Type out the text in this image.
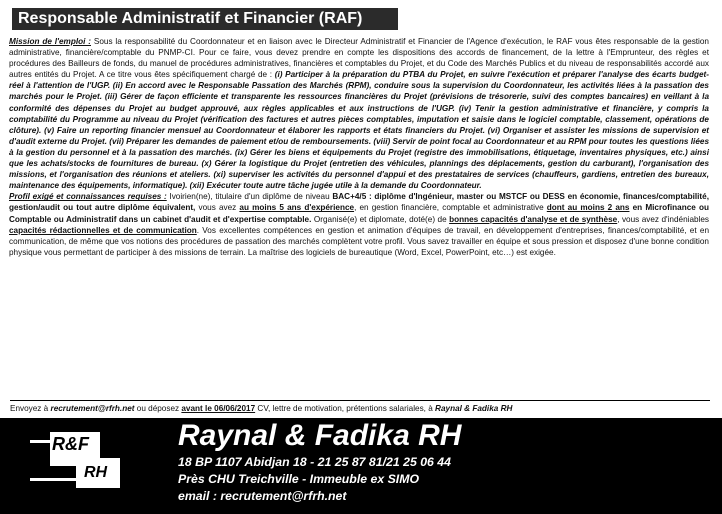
Responsable Administratif et Financier (RAF)

Mission de l'emploi : Sous la responsabilité du Coordonnateur et en liaison avec le Directeur Administratif et Financier de l'Agence d'exécution, le RAF vous êtes responsable de la gestion administrative, financière/comptable du PNMP-CI. Pour ce faire, vous devez prendre en compte les dispositions des accords de financement, de la lettre à l'Emprunteur, des règles et procédures des Bailleurs de fonds, du manuel de procédures administratives, financières et comptables du Projet, et du Code des Marchés Publics et du niveau de responsabilités accordé aux autres entités du Projet. A ce titre vous êtes spécifiquement chargé de : (i) Participer à la préparation du PTBA du Projet, en suivre l'exécution et préparer l'analyse des écarts budget-réel à l'attention de l'UGP. (ii) En accord avec le Responsable Passation des Marchés (RPM), conduire sous la supervision du Coordonnateur, les activités liées à la passation des marchés pour le Projet. (iii) Gérer de façon efficiente et transparente les ressources financières du Projet (prévisions de trésorerie, suivi des comptes bancaires) en veillant à la conformité des dépenses du Projet au budget approuvé, aux règles applicables et aux instructions de l'UGP. (iv) Tenir la gestion administrative et financière, y compris la comptabilité du Programme au niveau du Projet (vérification des factures et autres pièces comptables, imputation et saisie dans le logiciel comptable, classement, opérations de clôture). (v) Faire un reporting financier mensuel au Coordonnateur et élaborer les rapports et états financiers du Projet. (vi) Organiser et assister les missions de supervision et d'audit externe du Projet. (vii) Préparer les demandes de paiement et/ou de remboursements. (viii) Servir de point focal au Coordonnateur et au RPM pour toutes les questions liées à la gestion du personnel et à la passation des marchés. (ix) Gérer les biens et équipements du Projet (registre des immobilisations, étiquetage, inventaires physiques, etc.) ainsi que les achats/stocks de fournitures de bureau. (x) Gérer la logistique du Projet (entretien des véhicules, plannings des déplacements, gestion du carburant), l'organisation des missions, et l'organisation des réunions et ateliers. (xi) superviser les activités du personnel d'appui et des prestataires de services (chauffeurs, gardiens, entretien des bureaux, maintenance des équipements, informatique). (xii) Exécuter toute autre tâche jugée utile à la demande du Coordonnateur.

Profil exigé et connaissances requises : Ivoirien(ne), titulaire d'un diplôme de niveau BAC+4/5 : diplôme d'Ingénieur, master ou MSTCF ou DESS en économie, finances/comptabilité, gestion/audit ou tout autre diplôme équivalent, vous avez au moins 5 ans d'expérience, en gestion financière, comptable et administrative dont au moins 2 ans en Microfinance ou Comptable ou Administratif dans un cabinet d'audit et d'expertise comptable. Organisé(e) et diplomate, doté(e) de bonnes capacités d'analyse et de synthèse, vous avez d'indéniables capacités rédactionnelles et de communication. Vos excellentes compétences en gestion et animation d'équipes de travail, en développement d'entreprises, finances/comptabilité, et en communication, de même que vos notions des procédures de passation des marchés complètent votre profil. Vous savez travailler en équipe et sous pression et disposez d'une bonne condition physique vous permettant de participer à des missions de terrain. La maîtrise des logiciels de bureautique (Word, Excel, PowerPoint, etc…) est exigée.

Envoyez à recrutement@rfrh.net ou déposez avant le 06/06/2017 CV, lettre de motivation, prétentions salariales, à Raynal & Fadika RH
R&F
RH
Raynal & Fadika RH
18 BP 1107 Abidjan 18 - 21 25 87 81/21 25 06 44
Près CHU Treichville - Immeuble ex SIMO
email : recrutement@rfrh.net
